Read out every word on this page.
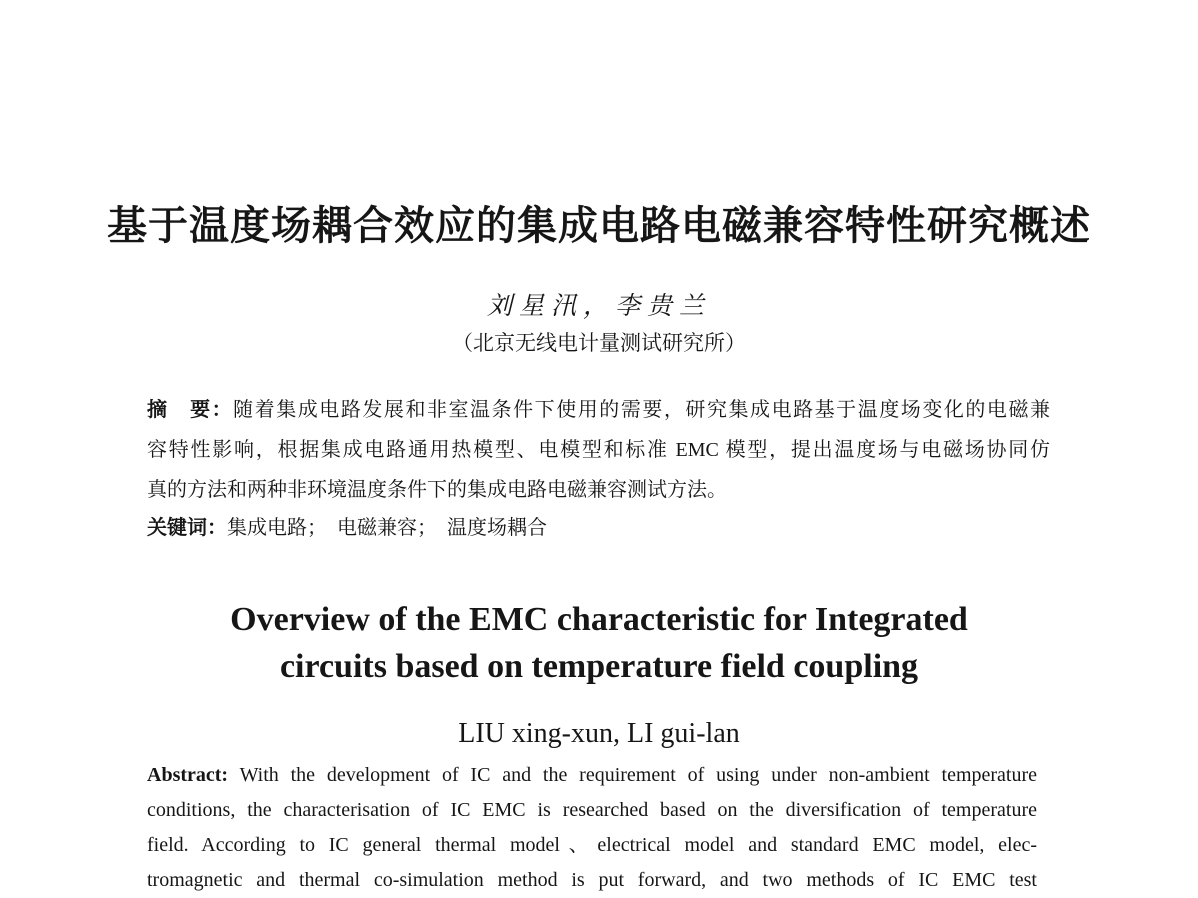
基于温度场耦合效应的集成电路电磁兼容特性研究概述
刘星汛，李贵兰
（北京无线电计量测试研究所）
摘　要：随着集成电路发展和非室温条件下使用的需要，研究集成电路基于温度场变化的电磁兼
容特性影响，根据集成电路通用热模型、电模型和标准 EMC 模型，提出温度场与电磁场协同仿
真的方法和两种非环境温度条件下的集成电路电磁兼容测试方法。
关键词：集成电路；　电磁兼容；　温度场耦合
Overview of the EMC characteristic for Integrated
circuits based on temperature field coupling
LIU xing-xun, LI gui-lan
Abstract: With the development of IC and the requirement of using under non-ambient temperature
conditions, the characterisation of IC EMC is researched based on the diversification of temperature
field. According to IC general thermal model、electrical model and standard EMC model, elec-
tromagnetic and thermal co-simulation method is put forward, and two methods of IC EMC test
